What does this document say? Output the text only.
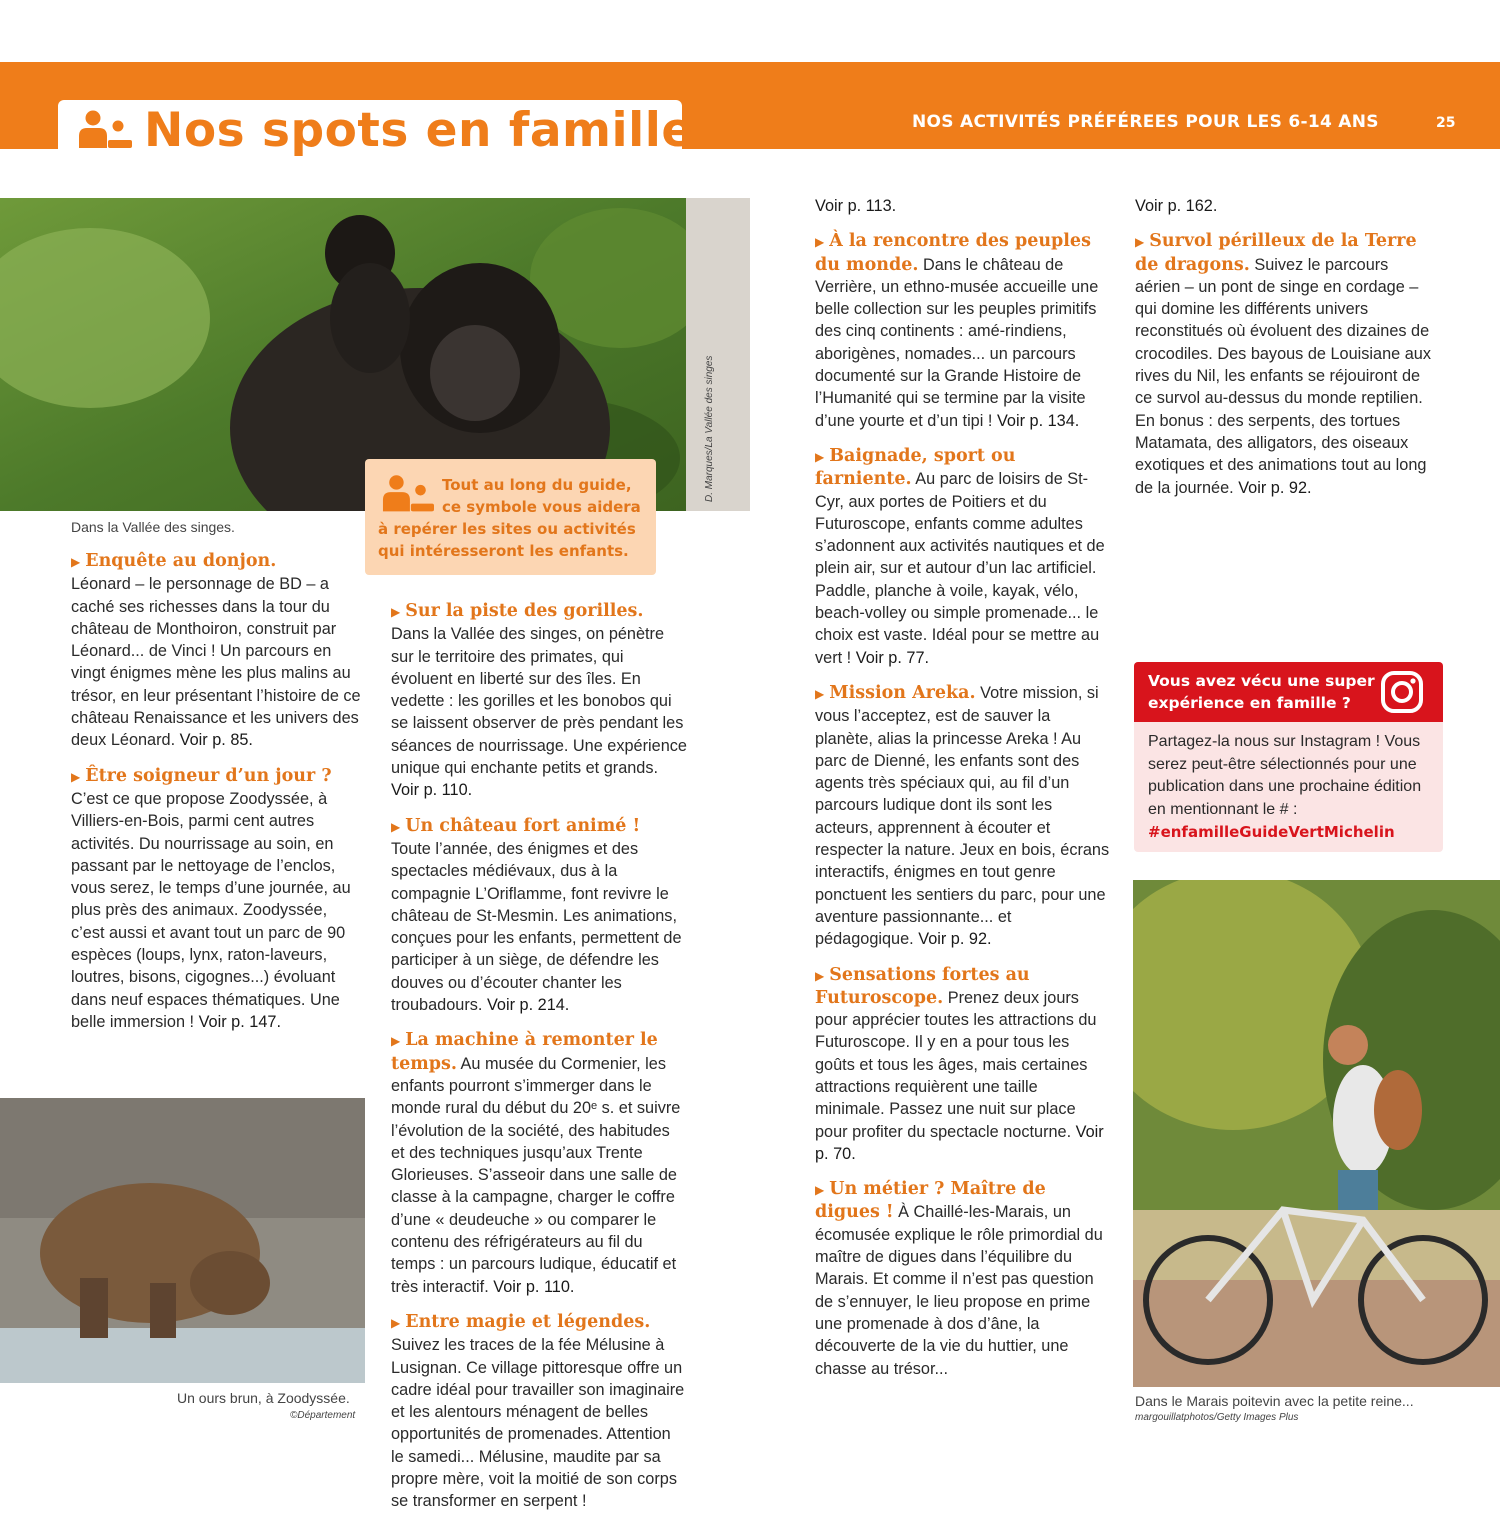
Nos spots en famille	NOS ACTIVITÉS PRÉFÉREES POUR LES 6-14 ANS	25
D. Marques/La Vallée des singes
Dans la Vallée des singes.
Tout au long du guide,
ce symbole vous aidera
à repérer les sites ou activités qui intéresseront les enfants.
Un ours brun, à Zoodyssée.
©Département
Dans le Marais poitevin avec la petite reine...
margouillatphotos/Getty Images Plus

▶ Enquête au donjon.
Léonard – le personnage de BD – a caché ses richesses dans la tour du château de Monthoiron, construit par Léonard... de Vinci ! Un parcours en vingt énigmes mène les plus malins au trésor, en leur présentant l’histoire de ce château Renaissance et les univers des deux Léonard. Voir p. 85.

▶ Être soigneur d’un jour ?
C’est ce que propose Zoodyssée, à Villiers-en-Bois, parmi cent autres activités. Du nourrissage au soin, en passant par le nettoyage de l’enclos, vous serez, le temps d’une journée, au plus près des animaux. Zoodyssée, c’est aussi et avant tout un parc de 90 espèces (loups, lynx, raton-laveurs, loutres, bisons, cigognes...) évoluant dans neuf espaces thématiques. Une belle immersion ! Voir p. 147.

▶ Sur la piste des gorilles.
Dans la Vallée des singes, on pénètre sur le territoire des primates, qui évoluent en liberté sur des îles. En vedette : les gorilles et les bonobos qui se laissent observer de près pendant les séances de nourrissage. Une expérience unique qui enchante petits et grands. Voir p. 110.

▶ Un château fort animé !
Toute l’année, des énigmes et des spectacles médiévaux, dus à la compagnie L’Oriflamme, font revivre le château de St-Mesmin. Les animations, conçues pour les enfants, permettent de participer à un siège, de défendre les douves ou d’écouter chanter les troubadours. Voir p. 214.

▶ La machine à remonter le temps. Au musée du Cormenier, les enfants pourront s’immerger dans le monde rural du début du 20ᵉ s. et suivre l’évolution de la société, des habitudes et des techniques jusqu’aux Trente Glorieuses. S’asseoir dans une salle de classe à la campagne, charger le coffre d’une « deudeuche » ou comparer le contenu des réfrigérateurs au fil du temps : un parcours ludique, éducatif et très interactif. Voir p. 110.

▶ Entre magie et légendes.
Suivez les traces de la fée Mélusine à Lusignan. Ce village pittoresque offre un cadre idéal pour travailler son imaginaire et les alentours ménagent de belles opportunités de promenades. Attention le samedi... Mélusine, maudite par sa propre mère, voit la moitié de son corps se transformer en serpent !

Voir p. 113.

▶ À la rencontre des peuples du monde. Dans le château de Verrière, un ethno-musée accueille une belle collection sur les peuples primitifs des cinq continents : amé-rindiens, aborigènes, nomades... un parcours documenté sur la Grande Histoire de l’Humanité qui se termine par la visite d’une yourte et d’un tipi ! Voir p. 134.

▶ Baignade, sport ou farniente. Au parc de loisirs de St-Cyr, aux portes de Poitiers et du Futuroscope, enfants comme adultes s’adonnent aux activités nautiques et de plein air, sur et autour d’un lac artificiel. Paddle, planche à voile, kayak, vélo, beach-volley ou simple promenade... le choix est vaste. Idéal pour se mettre au vert ! Voir p. 77.

▶ Mission Areka. Votre mission, si vous l’acceptez, est de sauver la planète, alias la princesse Areka ! Au parc de Dienné, les enfants sont des agents très spéciaux qui, au fil d’un parcours ludique dont ils sont les acteurs, apprennent à écouter et respecter la nature. Jeux en bois, écrans interactifs, énigmes en tout genre ponctuent les sentiers du parc, pour une aventure passionnante... et pédagogique. Voir p. 92.

▶ Sensations fortes au Futuroscope. Prenez deux jours pour apprécier toutes les attractions du Futuroscope. Il y en a pour tous les goûts et tous les âges, mais certaines attractions requièrent une taille minimale. Passez une nuit sur place pour profiter du spectacle nocturne. Voir p. 70.

▶ Un métier ? Maître de digues ! À Chaillé-les-Marais, un écomusée explique le rôle primordial du maître de digues dans l’équilibre du Marais. Et comme il n’est pas question de s’ennuyer, le lieu propose en prime une promenade à dos d’âne, la découverte de la vie du huttier, une chasse au trésor...

Voir p. 162.

▶ Survol périlleux de la Terre de dragons. Suivez le parcours aérien – un pont de singe en cordage – qui domine les différents univers reconstitués où évoluent des dizaines de crocodiles. Des bayous de Louisiane aux rives du Nil, les enfants se réjouiront de ce survol au-dessus du monde reptilien. En bonus : des serpents, des tortues Matamata, des alligators, des oiseaux exotiques et des animations tout au long de la journée. Voir p. 92.

Vous avez vécu une super expérience en famille ?
Partagez-la nous sur Instagram ! Vous serez peut-être sélectionnés pour une publication dans une prochaine édition en mentionnant le # : #enfamilleGuideVertMichelin
